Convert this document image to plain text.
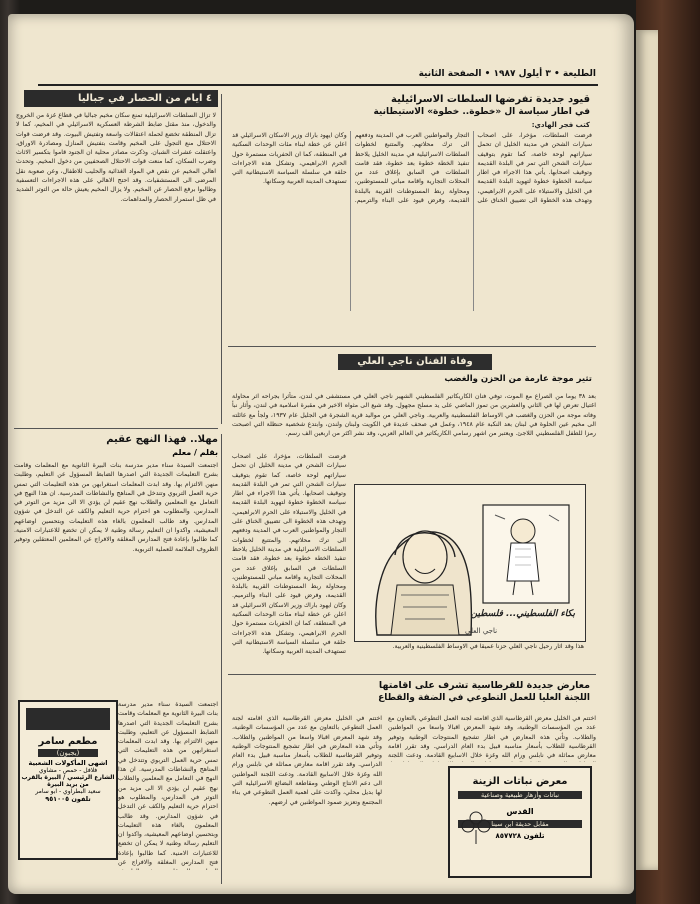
الطليعة • ٣ أيلول ١٩٨٧ • الصفحة الثانية
٤ ايام من الحصار في جباليا
لا تزال السلطات الاسرائيلية تمنع سكان مخيم جباليا في قطاع غزة من الخروج والدخول، منذ مقتل ضابط الشرطة العسكرية الاسرائيلي في المخيم، كما لا تزال المنطقة تخضع لحملة اعتقالات واسعة وتفتيش البيوت. وقد فرضت قوات الاحتلال منع التجول على المخيم وقامت بتفتيش المنازل ومصادرة الاوراق، واعتقلت عشرات الشبان. وذكرت مصادر محلية ان الجنود قاموا بتكسير الاثاث وضرب السكان، كما منعت قوات الاحتلال الصحفيين من دخول المخيم. وتحدث اهالي المخيم عن نقص في المواد الغذائية والحليب للاطفال، وعن صعوبة نقل المرضى الى المستشفيات. وقد احتج الاهالي على هذه الاجراءات التعسفية وطالبوا برفع الحصار عن المخيم. ولا يزال المخيم يعيش حالة من التوتر الشديد في ظل استمرار الحصار والمداهمات.
قيود جديدة تفرضها السلطات الاسرائيلية
في اطار سياسة ال «خطوة.. خطوة» الاستيطانية
كتب فجر الهادي:
فرضت السلطات، مؤخرا، على اصحاب سيارات الشحن في مدينة الخليل ان تحمل سياراتهم لوحة خاصة، كما تقوم بتوقيف سيارات الشحن التي تمر في البلدة القديمة وتوقيف اصحابها. يأتي هذا الاجراء في اطار سياسة الخطوة خطوة لتهويد البلدة القديمة في الخليل والاستيلاء على الحرم الابراهيمي، وتهدف هذه الخطوة الى تضييق الخناق على التجار والمواطنين العرب في المدينة ودفعهم الى ترك محلاتهم. والمتتبع لخطوات السلطات الاسرائيلية في مدينة الخليل يلاحظ تنفيذ الخطة خطوة بعد خطوة، فقد قامت السلطات في السابق بإغلاق عدد من المحلات التجارية واقامة مباني للمستوطنين، ومحاولة ربط المستوطنات القريبة بالبلدة القديمة، وفرض قيود على البناء والترميم. وكان ايهود باراك وزير الاسكان الاسرائيلي قد اعلن عن خطة لبناء مئات الوحدات السكنية في المنطقة، كما ان الحفريات مستمرة حول الحرم الابراهيمي، وتشكل هذه الاجراءات حلقة في سلسلة السياسة الاستيطانية التي تستهدف المدينة العربية وسكانها.
وفاة الفنان ناجي العلي
تثير موجة عارمة من الحزن والغضب
بعد ٣٨ يوما من الصراع مع الموت، توفي فنان الكاريكاتير الفلسطيني الشهير ناجي العلي في مستشفى في لندن، متأثرا بجراحه اثر محاولة اغتيال تعرض لها في الثاني والعشرين من تموز الماضي على يد مسلح مجهول. وقد شيع الى مثواه الاخير في مقبرة اسلامية في لندن، وأثار نبأ وفاته موجة من الحزن والغضب في الاوساط الفلسطينية والعربية. وناجي العلي من مواليد قرية الشجرة في الجليل عام ١٩٣٧، ولجأ مع عائلته الى مخيم عين الحلوة في لبنان بعد النكبة عام ١٩٤٨، وعمل في صحف عديدة في الكويت ولبنان ولندن، وابتدع شخصية حنظلة التي اصبحت رمزا للطفل الفلسطيني اللاجئ. ويعتبر من اشهر رسامي الكاريكاتير في العالم العربي، وقد نشر اكثر من اربعين الف رسم.
بكاء الفلسطيني... فلسطين
ناجي العلي
هذا وقد اثار رحيل ناجي العلي حزنا عميقا في الاوساط الفلسطينية والعربية.
فرضت السلطات، مؤخرا، على اصحاب سيارات الشحن في مدينة الخليل ان تحمل سياراتهم لوحة خاصة، كما تقوم بتوقيف سيارات الشحن التي تمر في البلدة القديمة وتوقيف اصحابها. يأتي هذا الاجراء في اطار سياسة الخطوة خطوة لتهويد البلدة القديمة في الخليل والاستيلاء على الحرم الابراهيمي، وتهدف هذه الخطوة الى تضييق الخناق على التجار والمواطنين العرب في المدينة ودفعهم الى ترك محلاتهم. والمتتبع لخطوات السلطات الاسرائيلية في مدينة الخليل يلاحظ تنفيذ الخطة خطوة بعد خطوة، فقد قامت السلطات في السابق بإغلاق عدد من المحلات التجارية واقامة مباني للمستوطنين، ومحاولة ربط المستوطنات القريبة بالبلدة القديمة، وفرض قيود على البناء والترميم. وكان ايهود باراك وزير الاسكان الاسرائيلي قد اعلن عن خطة لبناء مئات الوحدات السكنية في المنطقة، كما ان الحفريات مستمرة حول الحرم الابراهيمي، وتشكل هذه الاجراءات حلقة في سلسلة السياسة الاستيطانية التي تستهدف المدينة العربية وسكانها.
مهلا.. فهذا النهج عقيم
بقلم / معلم
اجتمعت السيدة سناء مدير مدرسة بنات البيرة الثانوية مع المعلمات وقامت بشرح التعليمات الجديدة التي اصدرها الضابط المسؤول عن التعليم، وطلبت منهن الالتزام بها. وقد ابدت المعلمات استغرابهن من هذه التعليمات التي تمس حرية العمل التربوي وتتدخل في المناهج والنشاطات المدرسية. ان هذا النهج في التعامل مع المعلمين والطلاب نهج عقيم لن يؤدي الا الى مزيد من التوتر في المدارس، والمطلوب هو احترام حرية التعليم والكف عن التدخل في شؤون المدارس. وقد طالب المعلمون بالغاء هذه التعليمات وبتحسين اوضاعهم المعيشية، واكدوا ان التعليم رسالة وطنية لا يمكن ان تخضع للاعتبارات الامنية. كما طالبوا بإعادة فتح المدارس المغلقة والافراج عن المعلمين المعتقلين وتوفير الظروف الملائمة للعملية التربوية.
مطعم سامر
(يجبون)
اشهى المأكولات الشعبية
فلافل - حمص - مشاوي
الشارع الرئيسي / البيرة بالقرب من بريد البيرة
سعيد البطراوي - ابو سامر
تلفون ٩٥١٠٠٥
اجتمعت السيدة سناء مدير مدرسة بنات البيرة الثانوية مع المعلمات وقامت بشرح التعليمات الجديدة التي اصدرها الضابط المسؤول عن التعليم، وطلبت منهن الالتزام بها. وقد ابدت المعلمات استغرابهن من هذه التعليمات التي تمس حرية العمل التربوي وتتدخل في المناهج والنشاطات المدرسية. ان هذا النهج في التعامل مع المعلمين والطلاب نهج عقيم لن يؤدي الا الى مزيد من التوتر في المدارس، والمطلوب هو احترام حرية التعليم والكف عن التدخل في شؤون المدارس. وقد طالب المعلمون بالغاء هذه التعليمات وبتحسين اوضاعهم المعيشية، واكدوا ان التعليم رسالة وطنية لا يمكن ان تخضع للاعتبارات الامنية. كما طالبوا بإعادة فتح المدارس المغلقة والافراج عن
معارض جديدة للقرطاسية تشرف على اقامتها
اللجنة العليا للعمل التطوعي في الضفة والقطاع
اختتم في الخليل معرض القرطاسية الذي اقامته لجنة العمل التطوعي بالتعاون مع عدد من المؤسسات الوطنية، وقد شهد المعرض اقبالا واسعا من المواطنين والطلاب. وتأتي هذه المعارض في اطار تشجيع المنتوجات الوطنية وتوفير القرطاسية للطلاب بأسعار مناسبة قبيل بدء العام الدراسي. وقد تقرر اقامة معارض مماثلة في نابلس ورام الله وغزة خلال الاسابيع القادمة. ودعت اللجنة
اختتم في الخليل معرض القرطاسية الذي اقامته لجنة العمل التطوعي بالتعاون مع عدد من المؤسسات الوطنية، وقد شهد المعرض اقبالا واسعا من المواطنين والطلاب. وتأتي هذه المعارض في اطار تشجيع المنتوجات الوطنية وتوفير القرطاسية للطلاب بأسعار مناسبة قبيل بدء العام الدراسي. وقد تقرر اقامة معارض مماثلة في نابلس ورام الله وغزة خلال الاسابيع القادمة. ودعت اللجنة المواطنين الى دعم الانتاج الوطني ومقاطعة البضائع الاسرائيلية التي لها بديل محلي، واكدت على اهمية العمل التطوعي في بناء المجتمع وتعزيز صمود المواطنين في ارضهم.
معرض نباتات الزينة
نباتات وأزهار طبيعية وصناعية
القدس
مقابل حديقة ابن سينا
تلفون ٨٥٧٧٢٨
